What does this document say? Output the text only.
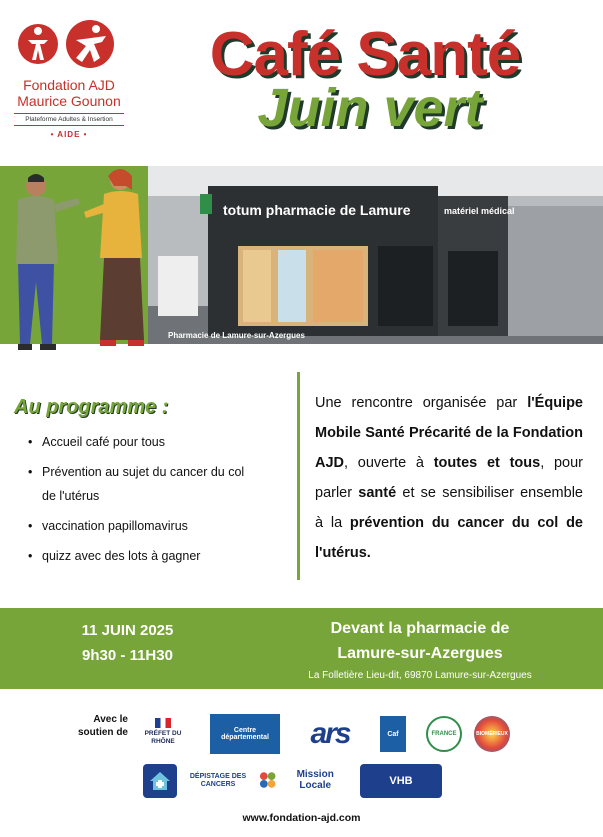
Fondation AJD
Maurice Gounon
Plateforme Adultes & Insertion
• AIDE •
Café Santé
Juin vert
totum pharmacie de Lamure	matériel médical
Pharmacie de Lamure-sur-Azergues
Au programme :
• Accueil café pour tous
• Prévention au sujet du cancer du col
de l'utérus
• vaccination papillomavirus
• quizz avec des lots à gagner
Une rencontre organisée par l'Équipe Mobile Santé Précarité de la Fondation AJD, ouverte à toutes et tous, pour parler santé et se sensibiliser ensemble à la prévention du cancer du col de l'utérus.
11 JUIN 2025
9h30 - 11H30
Devant la pharmacie de
Lamure-sur-Azergues
La Folletière Lieu-dit, 69870 Lamure-sur-Azergues
Avec le soutien de	PRÉFET DU RHÔNE
Centre départemental	ars	Caf	FRANCE	BIOMÉRIEUX
DÉPISTAGE DES CANCERS
Mission Locale	VHB
www.fondation-ajd.com
